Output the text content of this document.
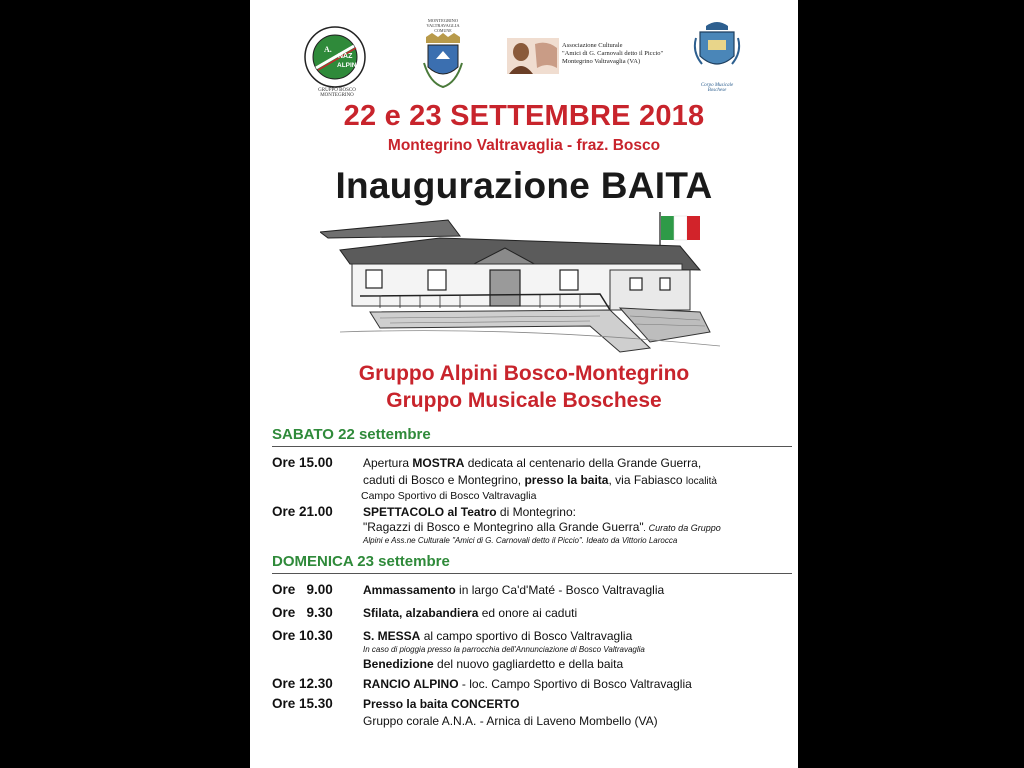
A.
NAZ
ALPINI
GRUPPO BOSCO MONTEGRINO
MONTEGRINO VALTRAVAGLIA
COMUNE
Associazione Culturale
"Amici di G. Carnovali detto il Piccio"
Montegrino Valtravaglia (VA)
Corpo Musicale Boschese
22 e 23 SETTEMBRE 2018
Montegrino Valtravaglia - fraz. Bosco
Inaugurazione BAITA
Gruppo Alpini Bosco-Montegrino
Gruppo Musicale Boschese
SABATO 22 settembre
Ore 15.00	Apertura MOSTRA dedicata al centenario della Grande Guerra,
caduti di Bosco e Montegrino, presso la baita, via Fabiasco località
Campo Sportivo di Bosco Valtravaglia
Ore 21.00	SPETTACOLO al Teatro di Montegrino:
"Ragazzi di Bosco e Montegrino alla Grande Guerra". Curato da Gruppo
Alpini e Ass.ne Culturale "Amici di G. Carnovali detto il Piccio". Ideato da Vittorio Larocca
DOMENICA 23 settembre
Ore   9.00	Ammassamento in largo Ca'd'Maté - Bosco Valtravaglia
Ore   9.30	Sfilata, alzabandiera ed onore ai caduti
Ore 10.30	S. MESSA al campo sportivo di Bosco Valtravaglia
In caso di pioggia presso la parrocchia dell'Annunciazione di Bosco Valtravaglia
Benedizione del nuovo gagliardetto e della baita
Ore 12.30	RANCIO ALPINO - loc. Campo Sportivo di Bosco Valtravaglia
Ore 15.30	Presso la baita CONCERTO
Gruppo corale A.N.A. - Arnica di Laveno Mombello (VA)
